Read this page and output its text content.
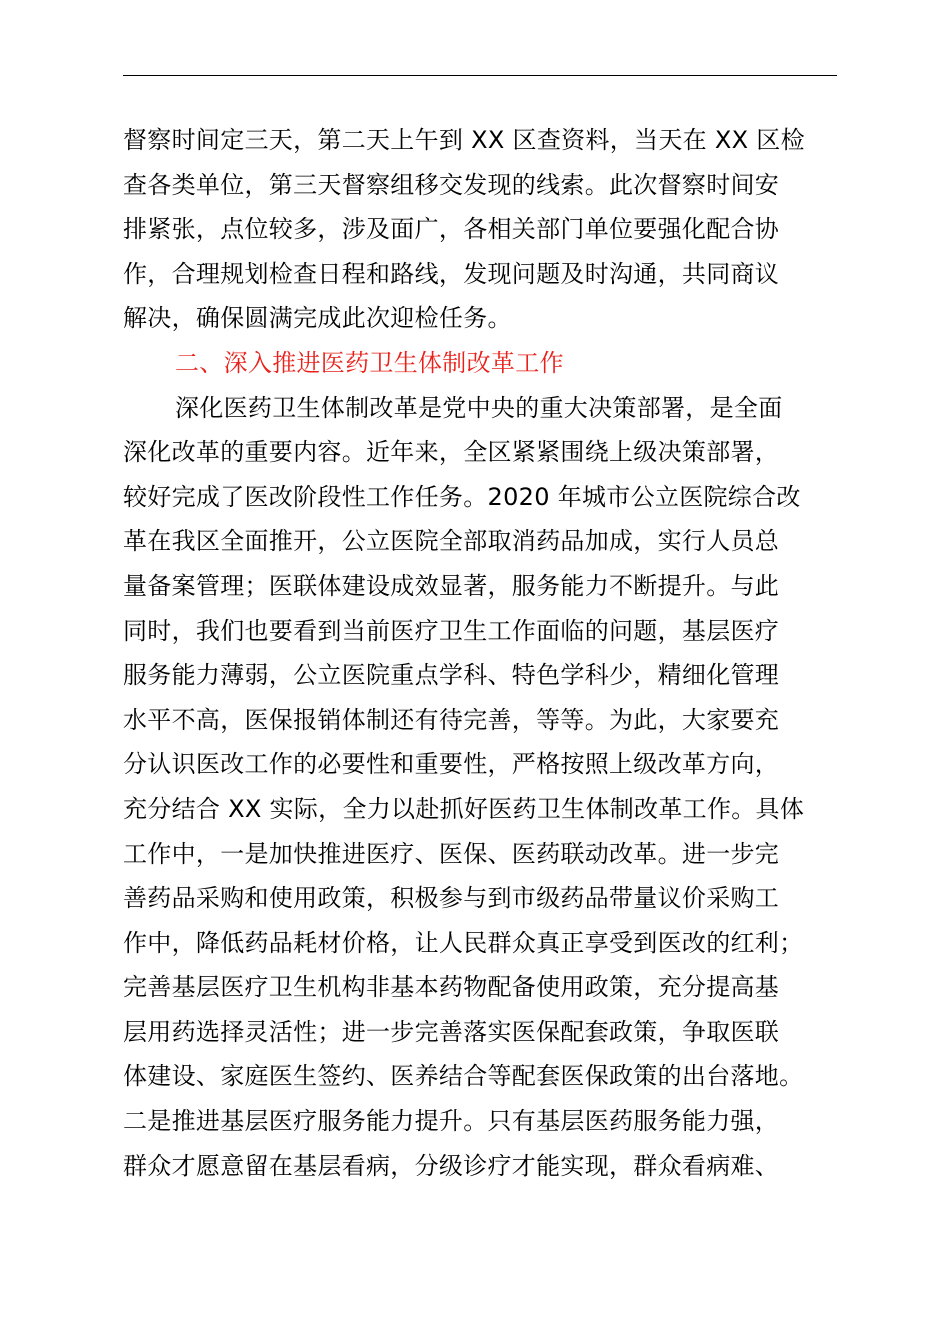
督察时间定三天，第二天上午到 XX 区查资料，当天在 XX 区检
查各类单位，第三天督察组移交发现的线索。此次督察时间安
排紧张，点位较多，涉及面广，各相关部门单位要强化配合协
作，合理规划检查日程和路线，发现问题及时沟通，共同商议
解决，确保圆满完成此次迎检任务。
二、深入推进医药卫生体制改革工作
深化医药卫生体制改革是党中央的重大决策部署，是全面
深化改革的重要内容。近年来，全区紧紧围绕上级决策部署，
较好完成了医改阶段性工作任务。2020 年城市公立医院综合改
革在我区全面推开，公立医院全部取消药品加成，实行人员总
量备案管理；医联体建设成效显著，服务能力不断提升。与此
同时，我们也要看到当前医疗卫生工作面临的问题，基层医疗
服务能力薄弱，公立医院重点学科、特色学科少，精细化管理
水平不高，医保报销体制还有待完善，等等。为此，大家要充
分认识医改工作的必要性和重要性，严格按照上级改革方向，
充分结合 XX 实际，全力以赴抓好医药卫生体制改革工作。具体
工作中，一是加快推进医疗、医保、医药联动改革。进一步完
善药品采购和使用政策，积极参与到市级药品带量议价采购工
作中，降低药品耗材价格，让人民群众真正享受到医改的红利；
完善基层医疗卫生机构非基本药物配备使用政策，充分提高基
层用药选择灵活性；进一步完善落实医保配套政策，争取医联
体建设、家庭医生签约、医养结合等配套医保政策的出台落地。
二是推进基层医疗服务能力提升。只有基层医药服务能力强，
群众才愿意留在基层看病，分级诊疗才能实现，群众看病难、
